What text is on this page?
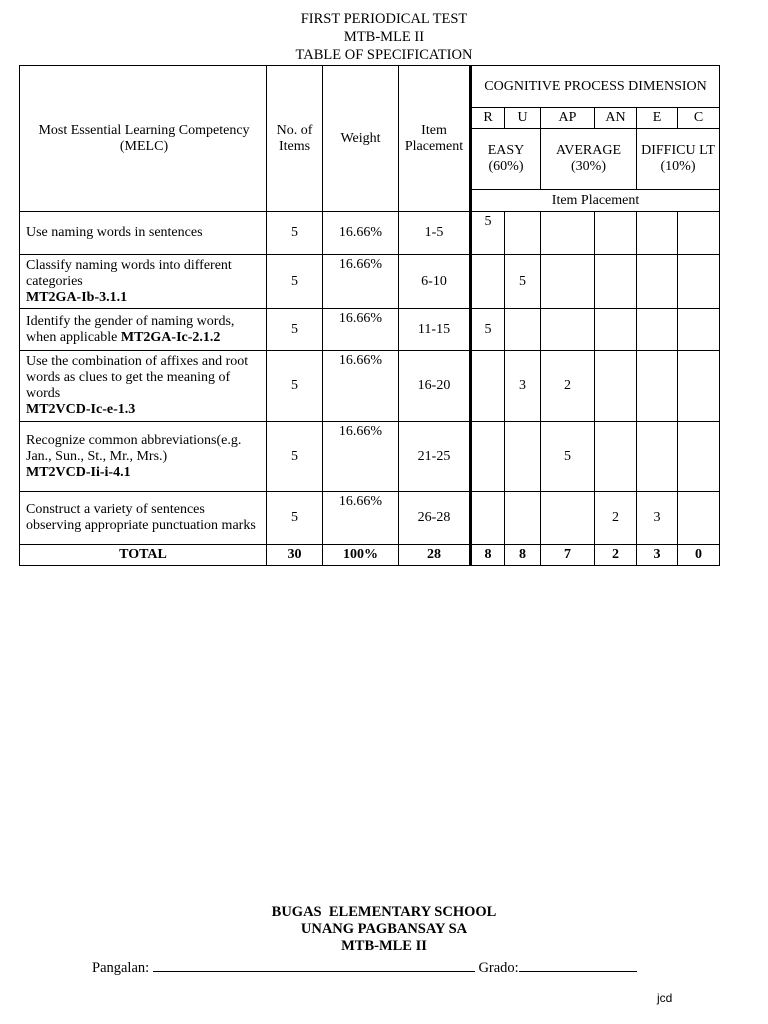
FIRST PERIODICAL TEST
MTB-MLE II
TABLE OF SPECIFICATION
Most Essential Learning Competency (MELC)	No. of Items	Weight	Item Placement	COGNITIVE PROCESS DIMENSION					
				R	U	AP	AN	E	C
				EASY (60%)		AVERAGE (30%)		DIFFICU LT (10%)	
				Item Placement					
Use naming words in sentences	5	16.66%	1-5	5					
Classify naming words into different categories
MT2GA-Ib-3.1.1	5	16.66%	6-10		5				
Identify the gender of naming words, when applicable MT2GA-Ic-2.1.2	5	16.66%	11-15	5					
Use the combination of affixes and root words as clues to get the meaning of words
MT2VCD-Ic-e-1.3	5	16.66%	16-20		3	2			
Recognize common abbreviations(e.g. Jan., Sun., St., Mr., Mrs.)
MT2VCD-Ii-i-4.1	5	16.66%	21-25			5			
Construct a variety of sentences observing appropriate punctuation marks	5	16.66%	26-28				2	3	
TOTAL	30	100%	28	8	8	7	2	3	0
BUGAS  ELEMENTARY SCHOOL
UNANG PAGBANSAY SA
MTB-MLE II
Pangalan:	Grado:
jcd
